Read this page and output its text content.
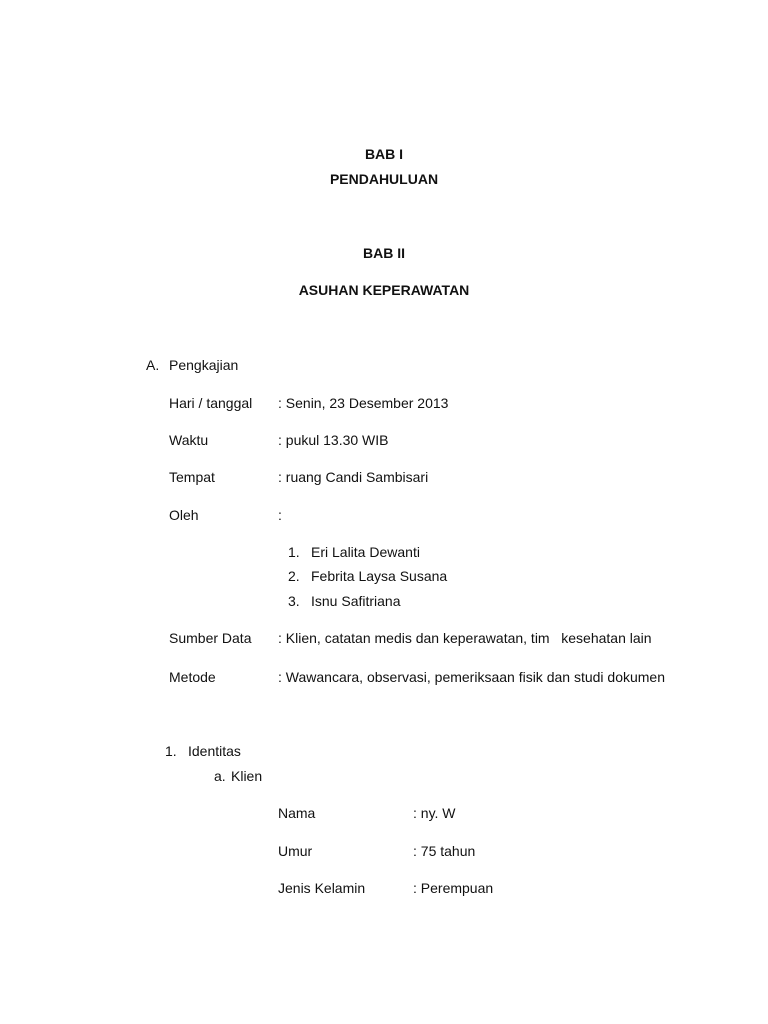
BAB I
PENDAHULUAN
BAB II
ASUHAN KEPERAWATAN
A. Pengkajian
Hari / tanggal : Senin, 23 Desember 2013
Waktu	: pukul 13.30 WIB
Tempat	: ruang Candi Sambisari
Oleh	:
1. Eri Lalita Dewanti
2. Febrita Laysa Susana
3. Isnu Safitriana
Sumber Data : Klien, catatan medis dan keperawatan, tim   kesehatan lain
Metode	: Wawancara, observasi, pemeriksaan fisik dan studi dokumen
1. Identitas
a. Klien
Nama	: ny. W
Umur	: 75 tahun
Jenis Kelamin	: Perempuan
